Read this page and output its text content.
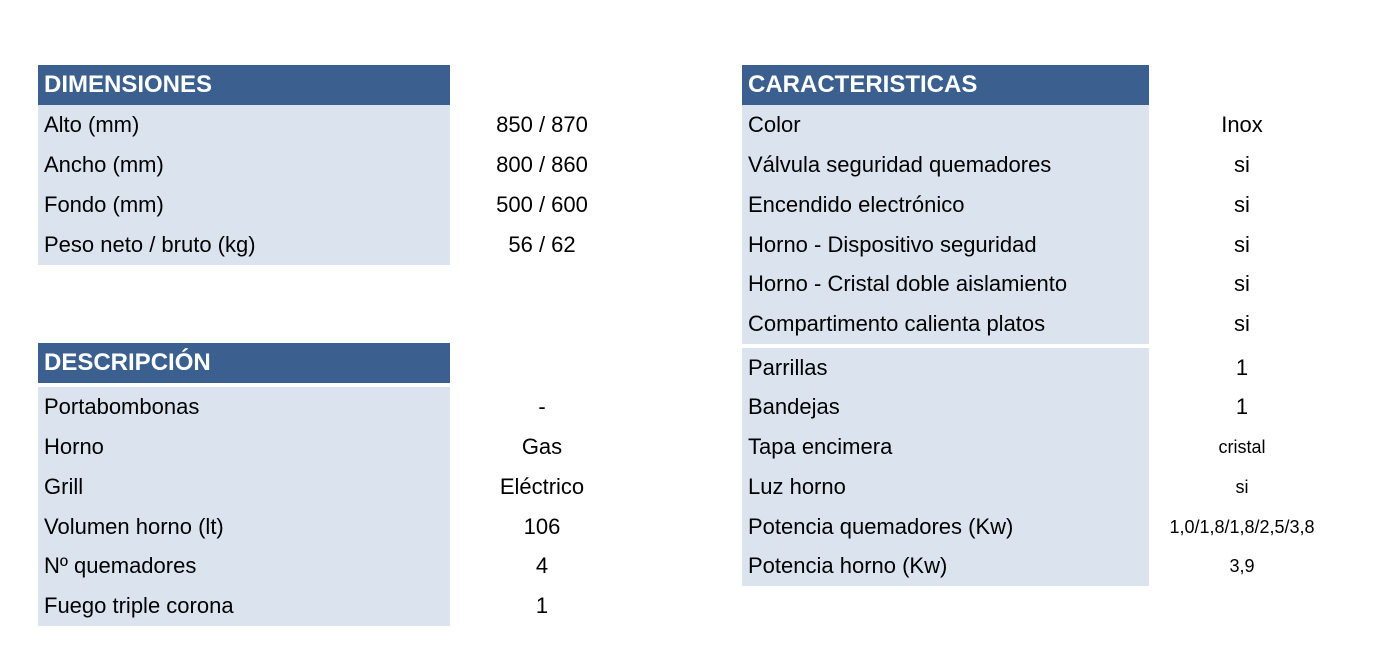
DIMENSIONES
Alto (mm)	850 / 870
Ancho (mm)	800 / 860
Fondo (mm)	500 / 600
Peso neto / bruto (kg)	56 / 62
DESCRIPCIÓN
Portabombonas	-
Horno	Gas
Grill	Eléctrico
Volumen horno (lt)	106
Nº quemadores	4
Fuego triple corona	1
CARACTERISTICAS
Color	Inox
Válvula seguridad quemadores	si
Encendido electrónico	si
Horno - Dispositivo seguridad	si
Horno - Cristal doble aislamiento	si
Compartimento calienta platos	si
Parrillas	1
Bandejas	1
Tapa encimera	cristal
Luz horno	si
Potencia quemadores (Kw)	1,0/1,8/1,8/2,5/3,8
Potencia horno (Kw)	3,9
